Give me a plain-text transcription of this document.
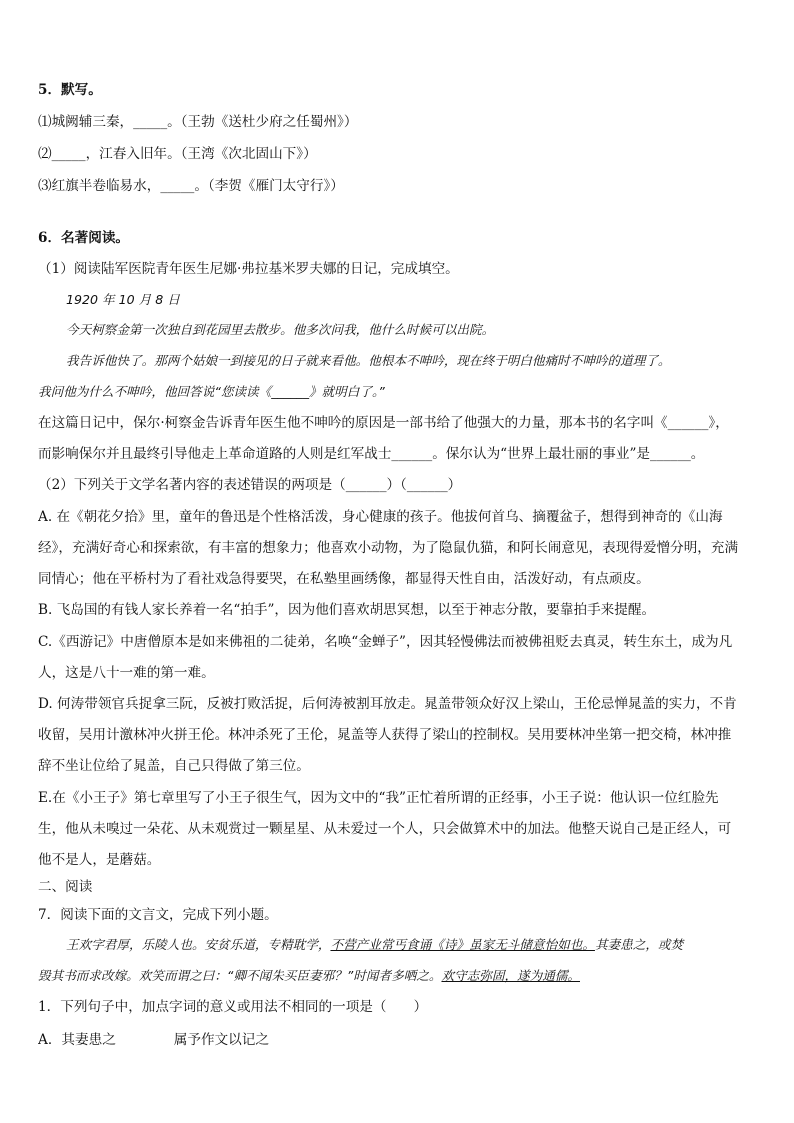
5．默写。
⑴城阙辅三秦，_____。（王勃《送杜少府之任蜀州》）
⑵_____，江春入旧年。（王湾《次北固山下》）
⑶红旗半卷临易水，_____。（李贺《雁门太守行》）
6．名著阅读。
（1）阅读陆军医院青年医生尼娜·弗拉基米罗夫娜的日记，完成填空。
1920 年 10 月 8 日
今天柯察金第一次独自到花园里去散步。他多次问我，他什么时候可以出院。
我告诉他快了。那两个姑娘一到接见的日子就来看他。他根本不呻吟，现在终于明白他痛时不呻吟的道理了。
我问他为什么不呻吟，他回答说“您读读《______》就明白了。”
在这篇日记中，保尔·柯察金告诉青年医生他不呻吟的原因是一部书给了他强大的力量，那本书的名字叫《______》，
而影响保尔并且最终引导他走上革命道路的人则是红军战士______。保尔认为“世界上最壮丽的事业”是______。
（2）下列关于文学名著内容的表述错误的两项是（______）（______）
A. 在《朝花夕拾》里，童年的鲁迅是个性格活泼，身心健康的孩子。他拔何首乌、摘覆盆子，想得到神奇的《山海
经》，充满好奇心和探索欲，有丰富的想象力；他喜欢小动物，为了隐鼠仇猫，和阿长闹意见，表现得爱憎分明，充满
同情心；他在平桥村为了看社戏急得要哭，在私塾里画绣像，都显得天性自由，活泼好动，有点顽皮。
B. 飞岛国的有钱人家长养着一名“拍手”，因为他们喜欢胡思冥想，以至于神志分散，要靠拍手来提醒。
C.《西游记》中唐僧原本是如来佛祖的二徒弟，名唤“金蝉子”，因其轻慢佛法而被佛祖贬去真灵，转生东土，成为凡
人，这是八十一难的第一难。
D. 何涛带领官兵捉拿三阮，反被打败活捉，后何涛被割耳放走。晁盖带领众好汉上梁山，王伦忌惮晁盖的实力，不肯
收留，吴用计激林冲火拼王伦。林冲杀死了王伦，晁盖等人获得了梁山的控制权。吴用要林冲坐第一把交椅，林冲推
辞不坐让位给了晁盖，自己只得做了第三位。
E.在《小王子》第七章里写了小王子很生气，因为文中的“我”正忙着所谓的正经事，小王子说：他认识一位红脸先
生，他从未嗅过一朵花、从未观赏过一颗星星、从未爱过一个人，只会做算术中的加法。他整天说自己是正经人，可
他不是人，是蘑菇。
二、阅读
7．阅读下面的文言文，完成下列小题。
王欢字君厚，乐陵人也。安贫乐道，专精耽学，不营产业常丐食诵《诗》虽家无斗储意怡如也。其妻患之，或焚
毁其书而求改嫁。欢笑而谓之曰：“卿不闻朱买臣妻邪？”时闻者多哂之。欢守志弥固，遂为通儒。
1．下列句子中，加点字词的意义或用法不相同的一项是（　　）
A．其妻患之	属予作文以记之
